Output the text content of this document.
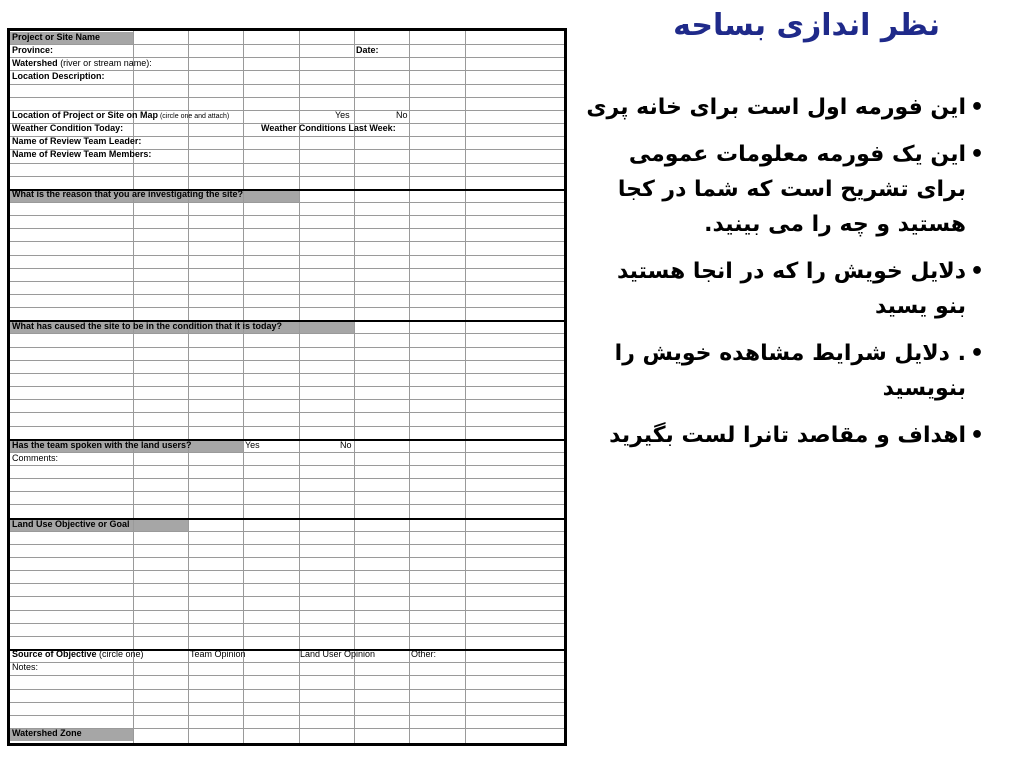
Project or Site Name
Province:	Date:
Watershed (river or stream name):
Location Description:
Location of Project or Site on Map (circle one and attach)	Yes	No
Weather Condition Today:	Weather Conditions Last Week:
Name of Review Team Leader:
Name of Review Team Members:
What is the reason that you are investigating the site?
What has caused the site to be in the condition that it is today?
Has the team spoken with the land users?	Yes	No
Comments:
Land Use Objective or Goal
Source of Objective (circle one)	Team Opinion	Land User Opinion	Other:
Notes:
Watershed Zone
نظر اندازی بساحه
•
این فورمه اول است برای خانه پری
•
این یک فورمه معلومات عمومی برای تشریح است که شما در کجا هستید و چه را می بینید.
•
دلایل خویش را که در انجا هستید بنو یسید
•
. دلایل شرایط مشاهده خویش را بنویسید
•
اهداف و مقاصد تانرا لست بگیرید
